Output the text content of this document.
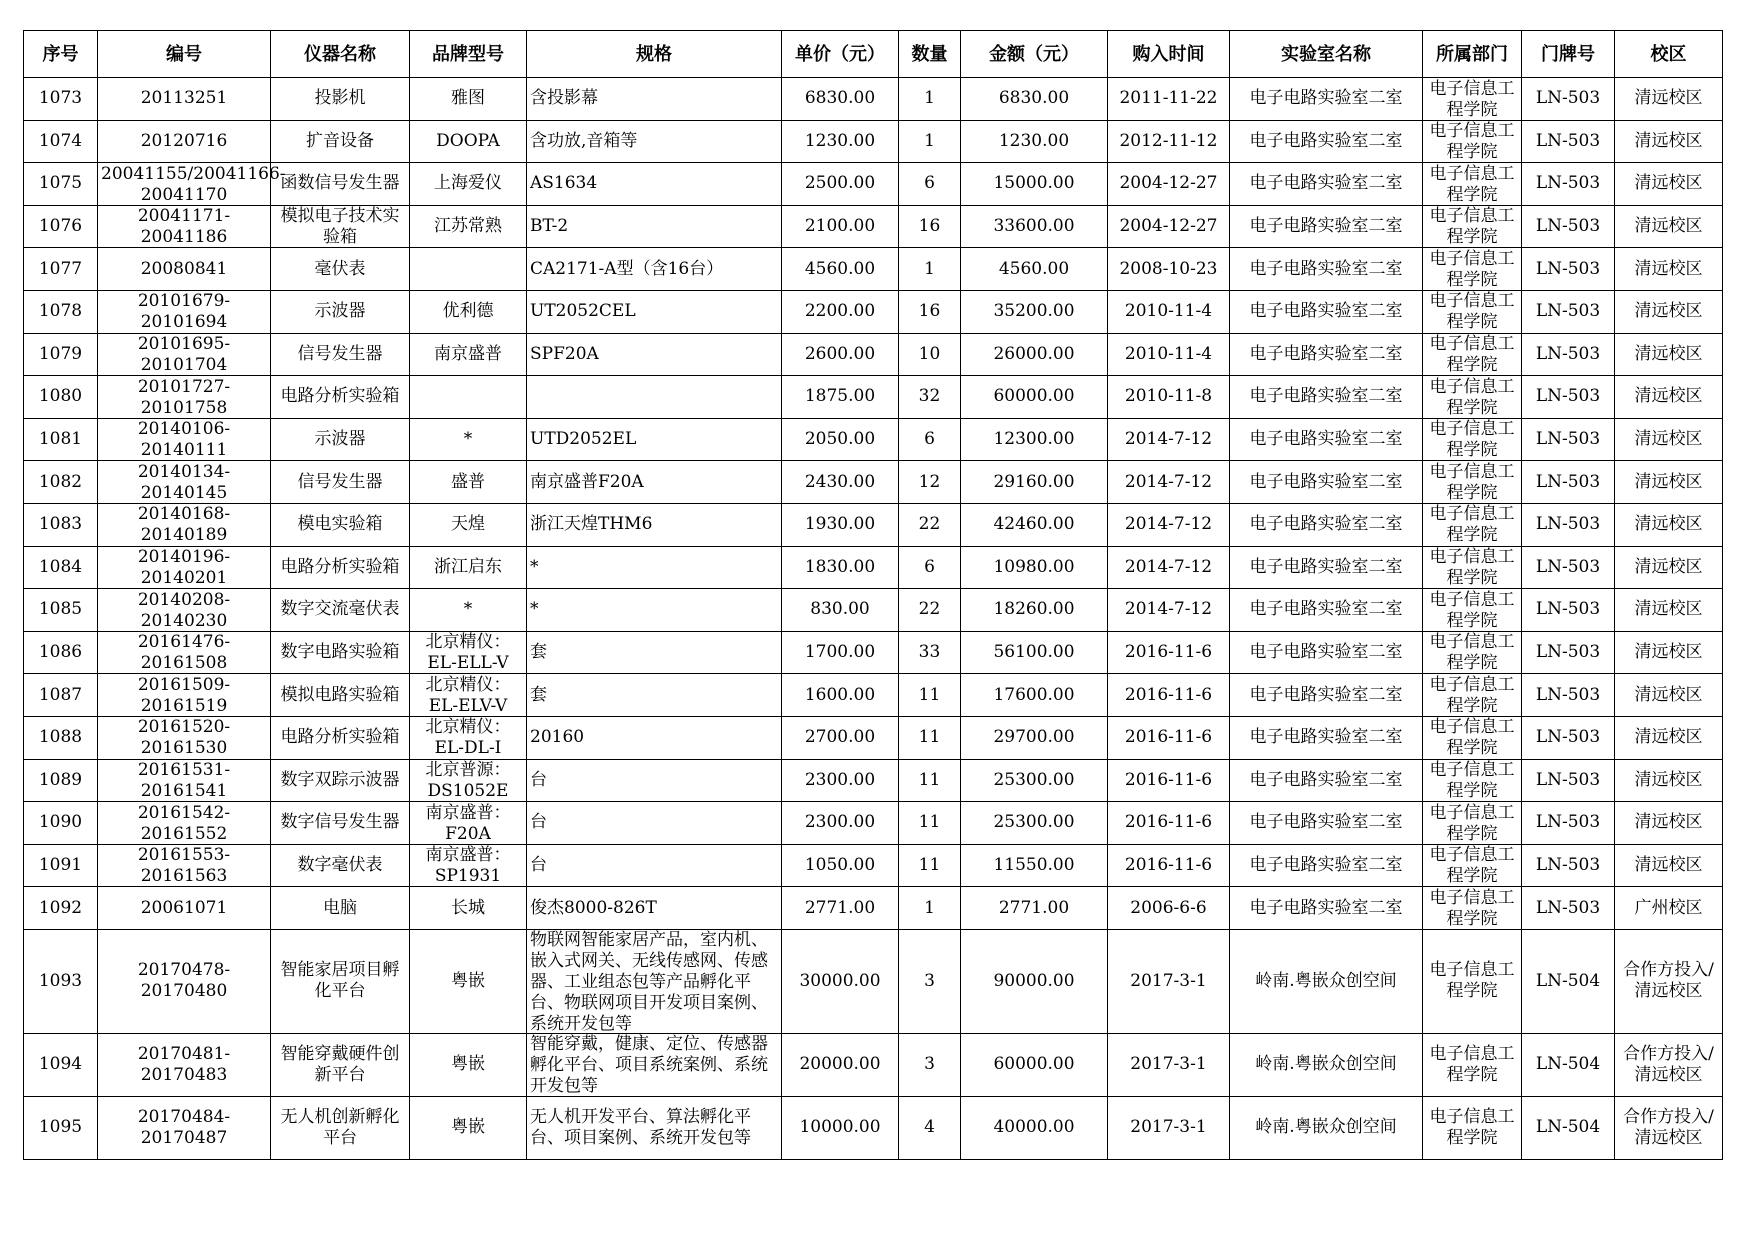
序号	编号	仪器名称	品牌型号	规格	单价（元）	数量	金额（元）	购入时间	实验室名称	所属部门	门牌号	校区

1073	20113251	投影机	雅图	含投影幕	6830.00	1	6830.00	2011-11-22	电子电路实验室二室	电子信息工程学院	LN-503	清远校区

1074	20120716	扩音设备	DOOPA	含功放,音箱等	1230.00	1	1230.00	2012-11-12	电子电路实验室二室	电子信息工程学院	LN-503	清远校区

1075	20041155/20041166-20041170	函数信号发生器	上海爱仪	AS1634	2500.00	6	15000.00	2004-12-27	电子电路实验室二室	电子信息工程学院	LN-503	清远校区

1076	20041171-20041186	模拟电子技术实验箱	江苏常熟	BT-2	2100.00	16	33600.00	2004-12-27	电子电路实验室二室	电子信息工程学院	LN-503	清远校区

1077	20080841	毫伏表		CA2171-A型（含16台）	4560.00	1	4560.00	2008-10-23	电子电路实验室二室	电子信息工程学院	LN-503	清远校区

1078	20101679-20101694	示波器	优利德	UT2052CEL	2200.00	16	35200.00	2010-11-4	电子电路实验室二室	电子信息工程学院	LN-503	清远校区

1079	20101695-20101704	信号发生器	南京盛普	SPF20A	2600.00	10	26000.00	2010-11-4	电子电路实验室二室	电子信息工程学院	LN-503	清远校区

1080	20101727-20101758	电路分析实验箱			1875.00	32	60000.00	2010-11-8	电子电路实验室二室	电子信息工程学院	LN-503	清远校区

1081	20140106-20140111	示波器	*	UTD2052EL	2050.00	6	12300.00	2014-7-12	电子电路实验室二室	电子信息工程学院	LN-503	清远校区

1082	20140134-20140145	信号发生器	盛普	南京盛普F20A	2430.00	12	29160.00	2014-7-12	电子电路实验室二室	电子信息工程学院	LN-503	清远校区

1083	20140168-20140189	模电实验箱	天煌	浙江天煌THM6	1930.00	22	42460.00	2014-7-12	电子电路实验室二室	电子信息工程学院	LN-503	清远校区

1084	20140196-20140201	电路分析实验箱	浙江启东	*	1830.00	6	10980.00	2014-7-12	电子电路实验室二室	电子信息工程学院	LN-503	清远校区

1085	20140208-20140230	数字交流毫伏表	*	*	830.00	22	18260.00	2014-7-12	电子电路实验室二室	电子信息工程学院	LN-503	清远校区

1086	20161476-20161508	数字电路实验箱	北京精仪：EL-ELL-V	套	1700.00	33	56100.00	2016-11-6	电子电路实验室二室	电子信息工程学院	LN-503	清远校区

1087	20161509-20161519	模拟电路实验箱	北京精仪：EL-ELV-V	套	1600.00	11	17600.00	2016-11-6	电子电路实验室二室	电子信息工程学院	LN-503	清远校区

1088	20161520-20161530	电路分析实验箱	北京精仪：EL-DL-I	20160	2700.00	11	29700.00	2016-11-6	电子电路实验室二室	电子信息工程学院	LN-503	清远校区

1089	20161531-20161541	数字双踪示波器	北京普源：DS1052E	台	2300.00	11	25300.00	2016-11-6	电子电路实验室二室	电子信息工程学院	LN-503	清远校区

1090	20161542-20161552	数字信号发生器	南京盛普：F20A	台	2300.00	11	25300.00	2016-11-6	电子电路实验室二室	电子信息工程学院	LN-503	清远校区

1091	20161553-20161563	数字毫伏表	南京盛普：SP1931	台	1050.00	11	11550.00	2016-11-6	电子电路实验室二室	电子信息工程学院	LN-503	清远校区

1092	20061071	电脑	长城	俊杰8000-826T	2771.00	1	2771.00	2006-6-6	电子电路实验室二室	电子信息工程学院	LN-503	广州校区

1093	20170478-20170480	智能家居项目孵化平台	粤嵌	物联网智能家居产品，室内机、嵌入式网关、无线传感网、传感器、工业组态包等产品孵化平台、物联网项目开发项目案例、系统开发包等	30000.00	3	90000.00	2017-3-1	岭南.粤嵌众创空间	电子信息工程学院	LN-504	合作方投入/清远校区

1094	20170481-20170483	智能穿戴硬件创新平台	粤嵌	智能穿戴，健康、定位、传感器孵化平台、项目系统案例、系统开发包等	20000.00	3	60000.00	2017-3-1	岭南.粤嵌众创空间	电子信息工程学院	LN-504	合作方投入/清远校区

1095	20170484-20170487	无人机创新孵化平台	粤嵌	无人机开发平台、算法孵化平台、项目案例、系统开发包等	10000.00	4	40000.00	2017-3-1	岭南.粤嵌众创空间	电子信息工程学院	LN-504	合作方投入/清远校区
